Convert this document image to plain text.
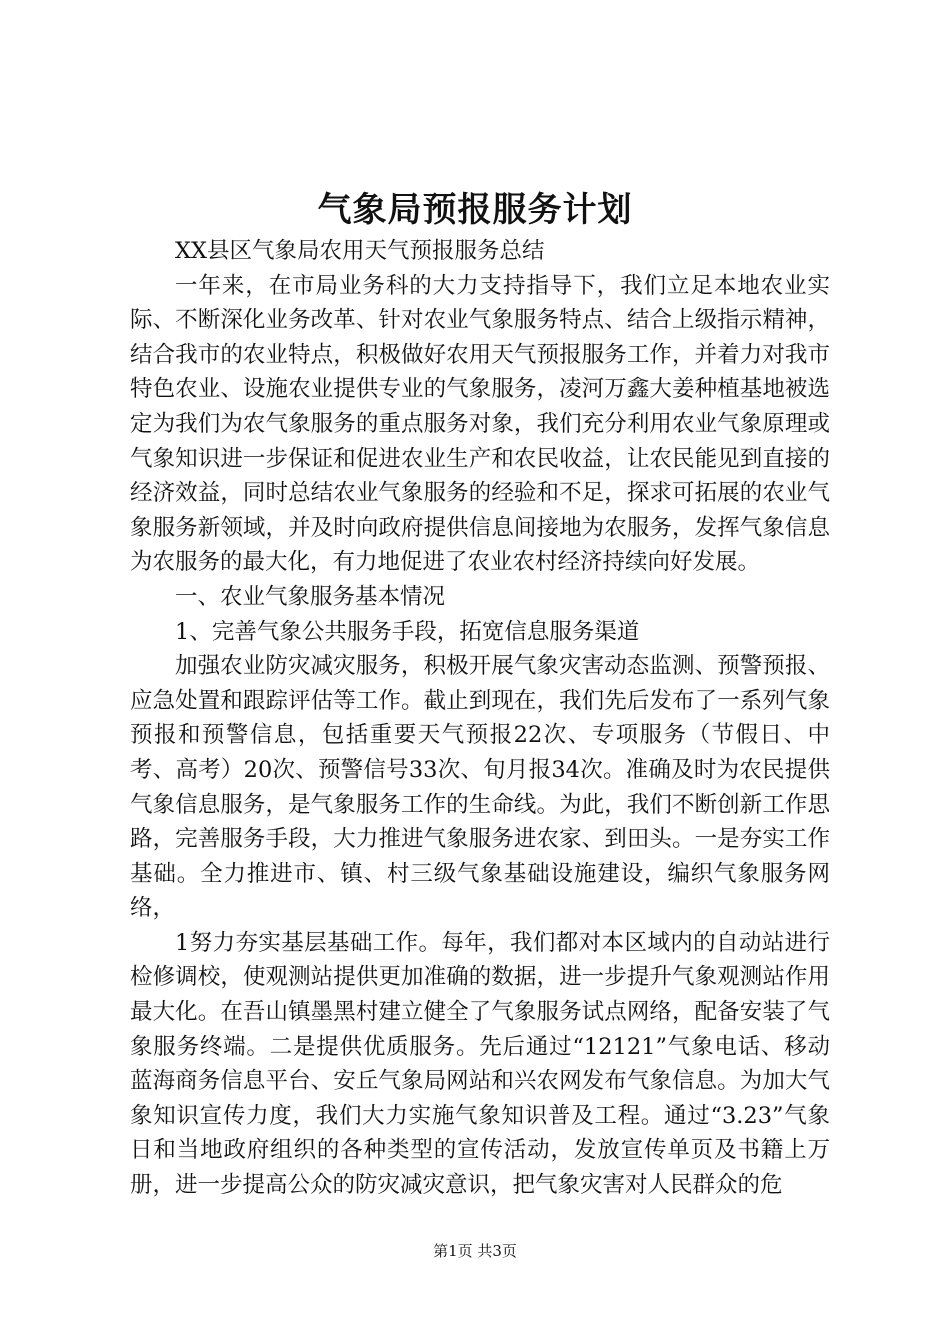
气象局预报服务计划

XX县区气象局农用天气预报服务总结

一年来，在市局业务科的大力支持指导下，我们立足本地农业实际、不断深化业务改革、针对农业气象服务特点、结合上级指示精神，结合我市的农业特点，积极做好农用天气预报服务工作，并着力对我市特色农业、设施农业提供专业的气象服务，凌河万鑫大姜种植基地被选定为我们为农气象服务的重点服务对象，我们充分利用农业气象原理或气象知识进一步保证和促进农业生产和农民收益，让农民能见到直接的经济效益，同时总结农业气象服务的经验和不足，探求可拓展的农业气象服务新领域，并及时向政府提供信息间接地为农服务，发挥气象信息为农服务的最大化，有力地促进了农业农村经济持续向好发展。

一、农业气象服务基本情况

1、完善气象公共服务手段，拓宽信息服务渠道

加强农业防灾减灾服务，积极开展气象灾害动态监测、预警预报、应急处置和跟踪评估等工作。截止到现在，我们先后发布了一系列气象预报和预警信息，包括重要天气预报22次、专项服务（节假日、中考、高考）20次、预警信号33次、旬月报34次。准确及时为农民提供气象信息服务，是气象服务工作的生命线。为此，我们不断创新工作思路，完善服务手段，大力推进气象服务进农家、到田头。一是夯实工作基础。全力推进市、镇、村三级气象基础设施建设，编织气象服务网络，

1努力夯实基层基础工作。每年，我们都对本区域内的自动站进行检修调校，使观测站提供更加准确的数据，进一步提升气象观测站作用最大化。在吾山镇墨黑村建立健全了气象服务试点网络，配备安装了气象服务终端。二是提供优质服务。先后通过“12121”气象电话、移动蓝海商务信息平台、安丘气象局网站和兴农网发布气象信息。为加大气象知识宣传力度，我们大力实施气象知识普及工程。通过“3.23”气象日和当地政府组织的各种类型的宣传活动，发放宣传单页及书籍上万册，进一步提高公众的防灾减灾意识，把气象灾害对人民群众的危

第1页 共3页
